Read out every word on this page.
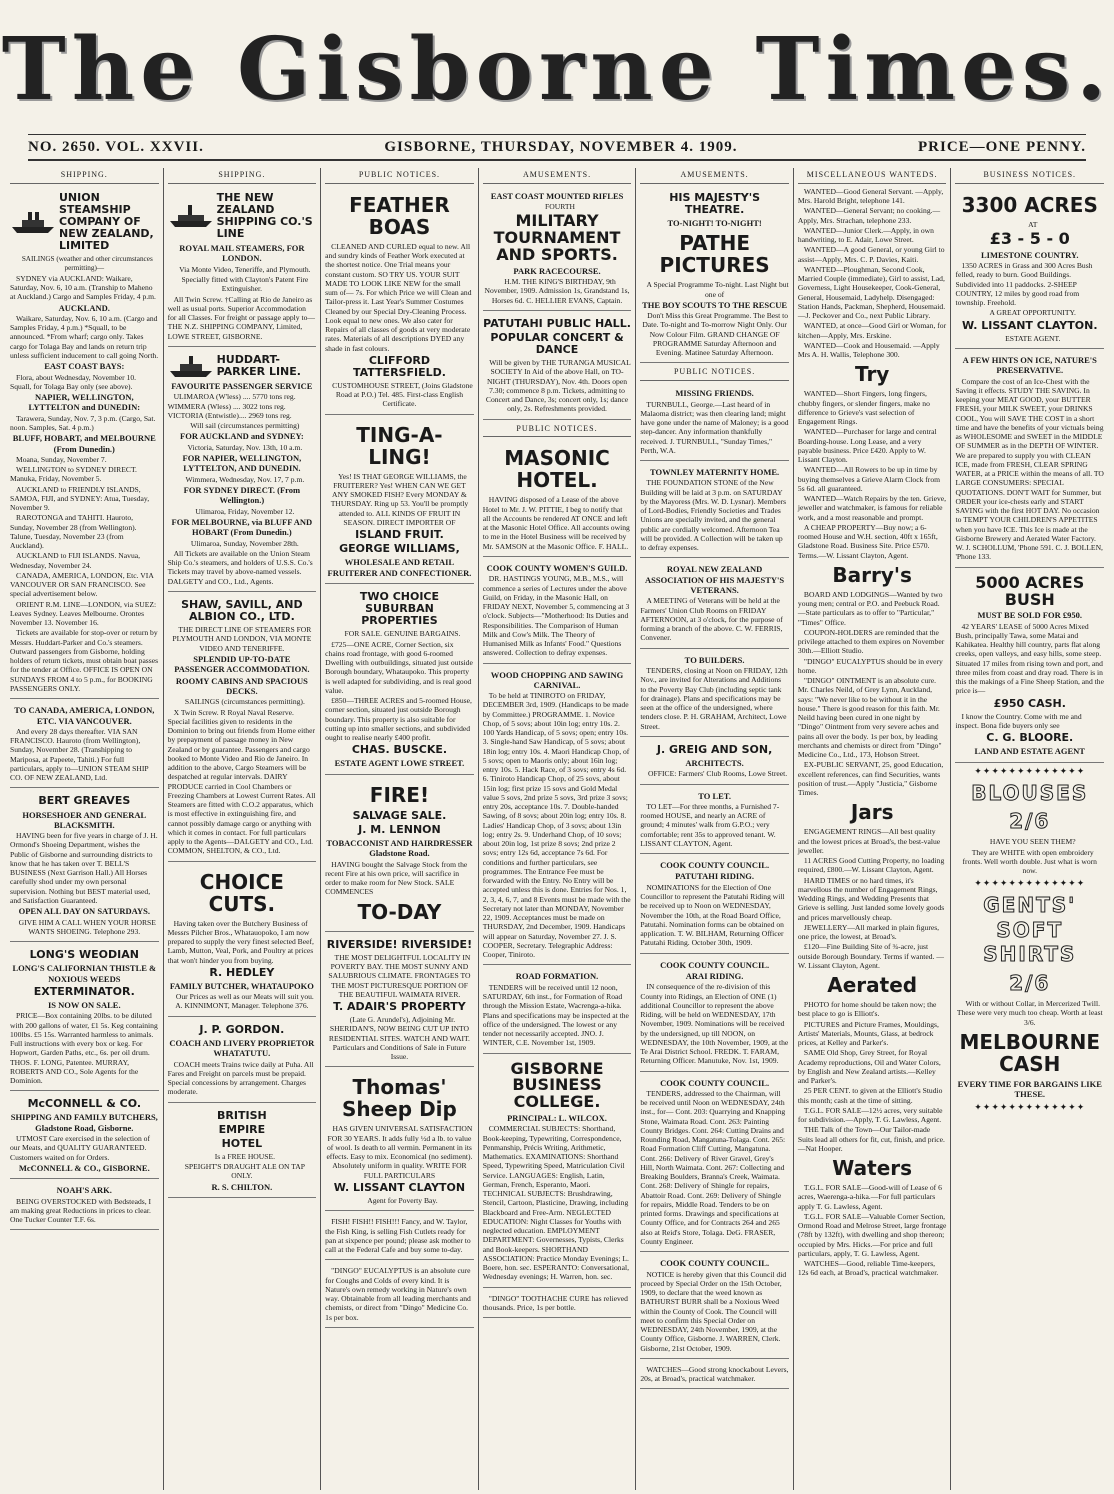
The Gisborne Times.
NO. 2650. VOL. XXVII.	GISBORNE, THURSDAY, NOVEMBER 4. 1909.	PRICE—ONE PENNY.
SHIPPING.
UNION STEAMSHIP COMPANY OF NEW ZEALAND, LIMITED

SAILINGS (weather and other circumstances permitting)—

SYDNEY via AUCKLAND: Waikare, Saturday, Nov. 6, 10 a.m. (Tranship to Maheno at Auckland.) Cargo and Samples Friday, 4 p.m.

AUCKLAND.

Waikare, Saturday, Nov. 6, 10 a.m. (Cargo and Samples Friday, 4 p.m.) *Squall, to be announced. *From wharf; cargo only. Takes cargo for Tolaga Bay and lands on return trip unless sufficient inducement to call going North.

EAST COAST BAYS:

Flora, about Wednesday, November 10. Squall, for Tolaga Bay only (see above).

NAPIER, WELLINGTON, LYTTELTON and DUNEDIN:

Tarawera, Sunday, Nov. 7, 3 p.m. (Cargo, Sat. noon. Samples, Sat. 4 p.m.)

BLUFF, HOBART, and MELBOURNE (From Dunedin.)

Moana, Sunday, November 7.

WELLINGTON to SYDNEY DIRECT. Manuka, Friday, November 5.

AUCKLAND to FRIENDLY ISLANDS, SAMOA, FIJI, and SYDNEY: Atua, Tuesday, November 9.

RAROTONGA and TAHITI. Hauroto, Sunday, November 28 (from Wellington). Talune, Tuesday, November 23 (from Auckland).

AUCKLAND to FIJI ISLANDS. Navua, Wednesday, November 24.

CANADA, AMERICA, LONDON, Etc. VIA VANCOUVER OR SAN FRANCISCO. See special advertisement below.

ORIENT R.M. LINE—LONDON, via SUEZ: Leaves Sydney. Leaves Melbourne. Orontes November 13. November 16.

Tickets are available for stop-over or return by Messrs. Huddart-Parker and Co.'s steamers. Outward passengers from Gisborne, holding holders of return tickets, must obtain boat passes for the tender at Office. OFFICE IS OPEN ON SUNDAYS FROM 4 to 5 p.m., for BOOKING PASSENGERS ONLY.

TO CANADA, AMERICA, LONDON, ETC. VIA VANCOUVER.

And every 28 days thereafter. VIA SAN FRANCISCO. Hauroto (from Wellington), Sunday, November 28. (Transhipping to Mariposa, at Papeete, Tahiti.) For full particulars, apply to—UNION STEAM SHIP CO. OF NEW ZEALAND, Ltd.

BERT GREAVES
HORSESHOER AND GENERAL BLACKSMITH.

HAVING been for five years in charge of J. H. Ormond's Shoeing Department, wishes the Public of Gisborne and surrounding districts to know that he has taken over T. BELL'S BUSINESS (Next Garrison Hall.) All Horses carefully shod under my own personal supervision. Nothing but BEST material used, and Satisfaction Guaranteed.

OPEN ALL DAY ON SATURDAYS.

GIVE HIM A CALL WHEN YOUR HORSE WANTS SHOEING. Telephone 293.

LONG'S WEODIAN
LONG'S CALIFORNIAN THISTLE & NOXIOUS WEEDS
EXTERMINATOR.
IS NOW ON SALE.

PRICE—Box containing 20lbs. to be diluted with 200 gallons of water, £1 5s. Keg containing 100lbs. £5 15s. Warranted harmless to animals. Full instructions with every box or keg. For Hopwort, Garden Paths, etc., 6s. per oil drum. THOS. F. LONG, Patentee. MURRAY, ROBERTS AND CO., Sole Agents for the Dominion.

McCONNELL & CO.
SHIPPING AND FAMILY BUTCHERS, Gladstone Road, Gisborne.

UTMOST Care exercised in the selection of our Meats, and QUALITY GUARANTEED. Customers waited on for Orders.

McCONNELL & CO., GISBORNE.
NOAH'S ARK.

BEING OVERSTOCKED with Bedsteads, I am making great Reductions in prices to clear. One Tucker Counter T.F. 6s.

SHIPPING.
THE NEW ZEALAND SHIPPING CO.'S LINE
ROYAL MAIL STEAMERS, FOR LONDON.

Via Monte Video, Teneriffe, and Plymouth.

Specially fitted with Clayton's Patent Fire Extinguisher.

All Twin Screw. †Calling at Rio de Janeiro as well as usual ports. Superior Accommodation for all Classes. For freight or passage apply to—THE N.Z. SHIPPING COMPANY, Limited, LOWE STREET, GISBORNE.

HUDDART-PARKER LINE.
FAVOURITE PASSENGER SERVICE

ULIMAROA (W'less) .... 5770 tons reg. WIMMERA (Wless) .... 3022 tons reg. VICTORIA (Entwistle).... 2969 tons reg.

Will sail (circumstances permitting)

FOR AUCKLAND and SYDNEY:

Victoria, Saturday, Nov. 13th, 10 a.m.

FOR NAPIER, WELLINGTON, LYTTELTON, AND DUNEDIN.

Wimmera, Wednesday, Nov. 17, 7 p.m.

FOR SYDNEY DIRECT. (From Wellington.)

Ulimaroa, Friday, November 12.

FOR MELBOURNE, via BLUFF AND HOBART (From Dunedin.)

Ulimaroa, Sunday, November 28th.

All Tickets are available on the Union Steam Ship Co.'s steamers, and holders of U.S.S. Co.'s Tickets may travel by above-named vessels. DALGETY and CO., Ltd., Agents.

SHAW, SAVILL, AND ALBION CO., LTD.

THE DIRECT LINE OF STEAMERS FOR PLYMOUTH AND LONDON, VIA MONTE VIDEO AND TENERIFFE.

SPLENDID UP-TO-DATE PASSENGER ACCOMMODATION.
ROOMY CABINS AND SPACIOUS DECKS.

SAILINGS (circumstances permitting).

X Twin Screw. R Royal Naval Reserve. Special facilities given to residents in the Dominion to bring out friends from Home either by prepayment of passage money in New Zealand or by guarantee. Passengers and cargo booked to Monte Video and Rio de Janeiro. In addition to the above, Cargo Steamers will be despatched at regular intervals. DAIRY PRODUCE carried in Cool Chambers or Freezing Chambers at Lowest Current Rates. All Steamers are fitted with C.O.2 apparatus, which is most effective in extinguishing fire, and cannot possibly damage cargo or anything with which it comes in contact. For full particulars apply to the Agents—DALGETY and CO., Ltd. COMMON, SHELTON, & CO., Ltd.

CHOICE CUTS.

Having taken over the Butchery Business of Messrs Pilcher Bros., Whatauopoko, I am now prepared to supply the very finest selected Beef, Lamb, Mutton, Veal, Pork, and Poultry at prices that won't hinder you from buying.

R. HEDLEY
FAMILY BUTCHER, WHATAUPOKO

Our Prices as well as our Meats will suit you. A. KINNIMONT, Manager. Telephone 376.

J. P. GORDON.
COACH AND LIVERY PROPRIETOR WHATATUTU.

COACH meets Trains twice daily at Puha. All Fares and Freight on parcels must be prepaid. Special concessions by arrangement. Charges moderate.

BRITISH
EMPIRE
HOTEL

Is a FREE HOUSE.

SPEIGHT'S DRAUGHT ALE ON TAP ONLY.

R. S. CHILTON.
PUBLIC NOTICES.
FEATHER BOAS

CLEANED AND CURLED equal to new. All and sundry kinds of Feather Work executed at the shortest notice. One Trial means your constant custom. SO TRY US. YOUR SUIT MADE TO LOOK LIKE NEW for the small sum of— 7s. For which Price we will Clean and Tailor-press it. Last Year's Summer Costumes Cleaned by our Special Dry-Cleaning Process. Look equal to new ones. We also cater for Repairs of all classes of goods at very moderate rates. Materials of all descriptions DYED any shade in fast colours.

CLIFFORD TATTERSFIELD.

CUSTOMHOUSE STREET, (Joins Gladstone Road at P.O.) Tel. 485. First-class English Certificate.

TING-A-LING!

Yes! IS THAT GEORGE WILLIAMS, the FRUITERER? Yes! WHEN CAN WE GET ANY SMOKED FISH? Every MONDAY & THURSDAY. Ring up 53. You'll be promptly attended to. ALL KINDS OF FRUIT IN SEASON. DIRECT IMPORTER OF

ISLAND FRUIT.
GEORGE WILLIAMS,
WHOLESALE AND RETAIL FRUITERER AND CONFECTIONER.
TWO CHOICE SUBURBAN PROPERTIES

FOR SALE. GENUINE BARGAINS.

£725—ONE ACRE, Corner Section, six chains road frontage, with good 6-roomed Dwelling with outbuildings, situated just outside Borough boundary, Whataupoko. This property is well adapted for subdividing, and is real good value.

£850—THREE ACRES and 5-roomed House, corner section, situated just outside Borough boundary. This property is also suitable for cutting up into smaller sections, and subdivided ought to realise nearly £400 profit.

CHAS. BUSCKE.
ESTATE AGENT LOWE STREET.
FIRE!
SALVAGE SALE.
J. M. LENNON
TOBACCONIST AND HAIRDRESSER Gladstone Road.

HAVING bought the Salvage Stock from the recent Fire at his own price, will sacrifice in order to make room for New Stock. SALE COMMENCES

TO-DAY
RIVERSIDE! RIVERSIDE!

THE MOST DELIGHTFUL LOCALITY IN POVERTY BAY. THE MOST SUNNY AND SALUBRIOUS CLIMATE. FRONTAGES TO THE MOST PICTURESQUE PORTION OF THE BEAUTIFUL WAIMATA RIVER.

T. ADAIR'S PROPERTY

(Late G. Arundel's), Adjoining Mr. SHERIDAN'S, NOW BEING CUT UP INTO RESIDENTIAL SITES. WATCH AND WAIT. Particulars and Conditions of Sale in Future Issue.

Thomas' Sheep Dip

HAS GIVEN UNIVERSAL SATISFACTION FOR 30 YEARS. It adds fully ½d a lb. to value of wool. Is death to all vermin. Permanent in its effects. Easy to mix. Economical (no sediment). Absolutely uniform in quality. WRITE FOR FULL PARTICULARS

W. LISSANT CLAYTON

Agent for Poverty Bay.

FISH! FISH!! FISH!!! Fancy, and W. Taylor, the Fish King, is selling Fish Cutlets ready for pan at sixpence per pound; please ask mother to call at the Federal Cafe and buy some to-day.

"DINGO" EUCALYPTUS is an absolute cure for Coughs and Colds of every kind. It is Nature's own remedy working in Nature's own way. Obtainable from all leading merchants and chemists, or direct from "Dingo" Medicine Co. 1s per box.

AMUSEMENTS.
EAST COAST MOUNTED RIFLES

FOURTH

MILITARY TOURNAMENT AND SPORTS.
PARK RACECOURSE.

H.M. THE KING'S BIRTHDAY, 9th November, 1909. Admission 1s, Grandstand 1s, Horses 6d. C. HELLIER EVANS, Captain.

PATUTAHI PUBLIC HALL.
POPULAR CONCERT & DANCE

Will be given by THE TURANGA MUSICAL SOCIETY In Aid of the above Hall, on TO-NIGHT (THURSDAY), Nov. 4th. Doors open 7.30; commence 8 p.m. Tickets, admitting to Concert and Dance, 3s; concert only, 1s; dance only, 2s. Refreshments provided.

PUBLIC NOTICES.
MASONIC HOTEL.

HAVING disposed of a Lease of the above Hotel to Mr. J. W. PITTIE, I beg to notify that all the Accounts be rendered AT ONCE and left at the Masonic Hotel Office. All accounts owing to me in the Hotel Business will be received by Mr. SAMSON at the Masonic Office. F. HALL.

COOK COUNTY WOMEN'S GUILD.

DR. HASTINGS YOUNG, M.B., M.S., will commence a series of Lectures under the above Guild, on Friday, in the Masonic Hall, on FRIDAY NEXT, November 5, commencing at 3 o'clock. Subjects—"Motherhood: Its Duties and Responsibilities. The Comparison of Human Milk and Cow's Milk. The Theory of Humanised Milk as Infants' Food." Questions answered. Collection to defray expenses.

WOOD CHOPPING AND SAWING CARNIVAL.

To be held at TINIROTO on FRIDAY, DECEMBER 3rd, 1909. (Handicaps to be made by Committee.) PROGRAMME. 1. Novice Chop, of 5 sovs; about 10in log; entry 10s. 2. 100 Yards Handicap, of 5 sovs; open; entry 10s. 3. Single-hand Saw Handicap, of 5 sovs; about 18in log; entry 10s. 4. Maori Handicap Chop, of 5 sovs; open to Maoris only; about 16in log; entry 10s. 5. Hack Race, of 3 sovs; entry 4s 6d. 6. Tiniroto Handicap Chop, of 25 sovs, about 15in log; first prize 15 sovs and Gold Medal value 5 sovs, 2nd prize 5 sovs, 3rd prize 3 sovs; entry 20s, acceptance 10s. 7. Double-handed Sawing, of 8 sovs; about 20in log; entry 10s. 8. Ladies' Handicap Chop, of 3 sovs; about 13in log; entry 2s. 9. Underhand Chop, of 10 sovs; about 20in log, 1st prize 8 sovs; 2nd prize 2 sovs; entry 12s 6d, acceptance 7s 6d. For conditions and further particulars, see programmes. The Entrance Fee must be forwarded with the Entry. No Entry will be accepted unless this is done. Entries for Nos. 1, 2, 3, 4, 6, 7, and 8 Events must be made with the Secretary not later than MONDAY, November 22, 1909. Acceptances must be made on THURSDAY, 2nd December, 1909. Handicaps will appear on Saturday, November 27. J. S. COOPER, Secretary. Telegraphic Address: Cooper, Tiniroto.

ROAD FORMATION.

TENDERS will be received until 12 noon, SATURDAY, 6th inst., for Formation of Road through the Mission Estate, Wacrenga-a-hika. Plans and specifications may be inspected at the office of the undersigned. The lowest or any tender not necessarily accepted. JNO. J. WINTER, C.E. November 1st, 1909.

GISBORNE BUSINESS COLLEGE.
PRINCIPAL: L. WILCOX.

COMMERCIAL SUBJECTS: Shorthand, Book-keeping, Typewriting, Correspondence, Penmanship, Précis Writing, Arithmetic, Mathematics. EXAMINATIONS: Shorthand Speed, Typewriting Speed, Matriculation Civil Service. LANGUAGES: English, Latin, German, French, Esperanto, Maori. TECHNICAL SUBJECTS: Brushdrawing, Stencil, Cartoon, Plasticine, Drawing, including Blackboard and Free-Arm. NEGLECTED EDUCATION: Night Classes for Youths with neglected education. EMPLOYMENT DEPARTMENT: Governesses, Typists, Clerks and Book-keepers. SHORTHAND ASSOCIATION: Practice Monday Evenings; L. Boere, hon. sec. ESPERANTO: Conversational, Wednesday evenings; H. Warren, hon. sec.

"DINGO" TOOTHACHE CURE has relieved thousands. Price, 1s per bottle.

AMUSEMENTS.
HIS MAJESTY'S THEATRE.
TO-NIGHT! TO-NIGHT!
PATHE PICTURES

A Special Programme To-night. Last Night but one of

THE BOY SCOUTS TO THE RESCUE

Don't Miss this Great Programme. The Best to Date. To-night and To-morrow Night Only. Our Now Colour Film. GRAND CHANGE OF PROGRAMME Saturday Afternoon and Evening. Matinee Saturday Afternoon.

PUBLIC NOTICES.
MISSING FRIENDS.

TURNBULL, George.—Last heard of in Malaoma district; was then clearing land; might have gone under the name of Maloney; is a good step-dancer. Any information thankfully received. J. TURNBULL, "Sunday Times," Perth, W.A.

TOWNLEY MATERNITY HOME.

THE FOUNDATION STONE of the New Building will be laid at 3 p.m. on SATURDAY by the Mayoress (Mrs. W. D. Lysnar). Members of Lord-Bodies, Friendly Societies and Trades Unions are specially invited, and the general public are cordially welcomed. Afternoon Tea will be provided. A Collection will be taken up to defray expenses.

ROYAL NEW ZEALAND ASSOCIATION OF HIS MAJESTY'S VETERANS.

A MEETING of Veterans will be held at the Farmers' Union Club Rooms on FRIDAY AFTERNOON, at 3 o'clock, for the purpose of forming a branch of the above. C. W. FERRIS, Convener.

TO BUILDERS.

TENDERS, closing at Noon on FRIDAY, 12th Nov., are invited for Alterations and Additions to the Poverty Bay Club (including septic tank for drainage). Plans and specifications may be seen at the office of the undersigned, where tenders close. P. H. GRAHAM, Architect, Lowe Street.

J. GREIG AND SON,
ARCHITECTS.

OFFICE: Farmers' Club Rooms, Lowe Street.

TO LET.

TO LET—For three months, a Furnished 7-roomed HOUSE, and nearly an ACRE of ground; 4 minutes' walk from G.P.O.; very comfortable; rent 35s to approved tenant. W. LISSANT CLAYTON, Agent.

COOK COUNTY COUNCIL.
PATUTAHI RIDING.

NOMINATIONS for the Election of One Councillor to represent the Patutahi Riding will be received up to Noon on WEDNESDAY, November the 10th, at the Road Board Office, Patutahi. Nomination forms can be obtained on application. T. W. BILHAM, Returning Officer Patutahi Riding. October 30th, 1909.

COOK COUNTY COUNCIL.
ARAI RIDING.

IN consequence of the re-division of this County into Ridings, an Election of ONE (1) additional Councillor to represent the above Riding, will be held on WEDNESDAY, 17th November, 1909. Nominations will be received by the undersigned, up till NOON, on WEDNESDAY, the 10th November, 1909, at the Te Arai District School. FREDK. T. FARAM, Returning Officer. Manutuke, Nov. 1st, 1909.

COOK COUNTY COUNCIL.

TENDERS, addressed to the Chairman, will be received until Noon on WEDNESDAY, 24th inst., for— Cont. 203: Quarrying and Knapping Stone, Waimata Road. Cont. 263: Painting County Bridges. Cont. 264: Cutting Drains and Rounding Road, Mangatuna-Tolaga. Cont. 265: Road Formation Cliff Cutting, Mangatuna. Cont. 266: Delivery of River Gravel, Grey's Hill, North Waimata. Cont. 267: Collecting and Breaking Boulders, Branna's Creek, Waimata. Cont. 268: Delivery of Shingle for repairs, Abattoir Road. Cont. 269: Delivery of Shingle for repairs, Middle Road. Tenders to be on printed forms. Drawings and specifications at County Office, and for Contracts 264 and 265 also at Reid's Store, Tolaga. DeG. FRASER, County Engineer.

COOK COUNTY COUNCIL.

NOTICE is hereby given that this Council did proceed by Special Order on the 15th October, 1909, to declare that the weed known as BATHURST BURR shall be a Noxious Weed within the County of Cook. The Council will meet to confirm this Special Order on WEDNESDAY, 24th November, 1909, at the County Office, Gisborne. J. WARREN, Clerk. Gisborne, 21st October, 1909.

WATCHES—Good strong knockabout Levers, 20s, at Broad's, practical watchmaker.

MISCELLANEOUS WANTEDS.

WANTED—Good General Servant. —Apply, Mrs. Harold Bright, telephone 141.

WANTED—General Servant; no cooking.—Apply, Mrs. Strachan, telephone 233.

WANTED—Junior Clerk.—Apply, in own handwriting, to E. Adair, Lowe Street.

WANTED—A good General, or young Girl to assist—Apply, Mrs. C. P. Davies, Kaiti.

WANTED—Ploughman, Second Cook, Married Couple (immediate), Girl to assist, Lad, Governess, Light Housekeeper, Cook-General, General, Housemaid, Ladyhelp. Disengaged: Station Hands, Packman, Shepherd, Housemaid.—J. Peckover and Co., next Public Library.

WANTED, at once—Good Girl or Woman, for kitchen—Apply, Mrs. Erskine.

WANTED—Cook and Housemaid. —Apply Mrs A. H. Wallis, Telephone 300.

Try

WANTED—Short Fingers, long fingers, chubby fingers, or slender fingers, make no difference to Grieve's vast selection of Engagement Rings.

WANTED—Purchaser for large and central Boarding-house. Long Lease, and a very payable business. Price £420. Apply to W. Lissant Clayton.

WANTED—All Rowers to be up in time by buying themselves a Grieve Alarm Clock from 5s 6d. all guaranteed.

WANTED—Watch Repairs by the ten. Grieve, jeweller and watchmaker, is famous for reliable work, and a most reasonable and prompt.

A CHEAP PROPERTY—Buy now; a 6-roomed House and W.H. section, 40ft x 165ft, Gladstone Road. Business Site. Price £570. Terms.—W. Lissant Clayton, Agent.

Barry's

BOARD AND LODGINGS—Wanted by two young men; central or P.O. and Peebuck Road.—State particulars as to offer to "Particular," "Times" Office.

COUPON-HOLDERS are reminded that the privilege attached to them expires on November 30th.—Elliott Studio.

"DINGO" EUCALYPTUS should be in every home.

"DINGO" OINTMENT is an absolute cure. Mr. Charles Neild, of Grey Lynn, Auckland, says: "We never like to be without it in the house." There is good reason for this faith. Mr. Neild having been cured in one night by "Dingo" Ointment from very severe aches and pains all over the body. 1s per box, by leading merchants and chemists or direct from "Dingo" Medicine Co., Ltd., 173, Hobson Street.

EX-PUBLIC SERVANT, 25, good Education, excellent references, can find Securities, wants position of trust.—Apply "Justicia," Gisborne Times.

Jars

ENGAGEMENT RINGS—All best quality and the lowest prices at Broad's, the best-value jeweller.

11 ACRES Good Cutting Property, no loading required, £800.—W. Lissant Clayton, Agent.

HARD TIMES or no hard times, it's marvellous the number of Engagement Rings, Wedding Rings, and Wedding Presents that Grieve is selling. Just landed some lovely goods and prices marvellously cheap.

JEWELLERY—All marked in plain figures, one price, the lowest, at Broad's.

£120—Fine Building Site of ¾-acre, just outside Borough Boundary. Terms if wanted. —W. Lissant Clayton, Agent.

Aerated

PHOTO for home should be taken now; the best place to go is Elliott's.

PICTURES and Picture Frames, Mouldings, Artists' Materials, Mounts, Glass, at bedrock prices, at Kelley and Parker's.

SAME Old Shop, Grey Street, for Royal Academy reproductions, Oil and Water Colors, by English and New Zealand artists.—Kelley and Parker's.

25 PER CENT. to given at the Elliott's Studio this month; cash at the time of sitting.

T.G.L. FOR SALE—12½ acres, very suitable for subdivision.—Apply, T. G. Lawless, Agent.

THE Talk of the Town—Our Tailor-made Suits lead all others for fit, cut, finish, and price.—Nat Hooper.

Waters

T.G.L. FOR SALE—Good-will of Lease of 6 acres, Waerenga-a-hika.—For full particulars apply T. G. Lawless, Agent.

T.G.L. FOR SALE—Valuable Corner Section, Ormond Road and Melrose Street, large frontage (78ft by 132ft), with dwelling and shop thereon; occupied by Mrs. Hicks.—For price and full particulars, apply, T. G. Lawless, Agent.

WATCHES—Good, reliable Time-keepers, 12s 6d each, at Broad's, practical watchmaker.

BUSINESS NOTICES.
3300 ACRES

AT

£3 - 5 - 0
LIMESTONE COUNTRY.

1350 ACRES in Grass and 300 Acres Bush felled, ready to burn. Good Buildings. Subdivided into 11 paddocks. 2-SHEEP COUNTRY, 12 miles by good road from township. Freehold.

A GREAT OPPORTUNITY.

W. LISSANT CLAYTON.

ESTATE AGENT.

A FEW HINTS ON ICE, NATURE'S PRESERVATIVE.

Compare the cost of an Ice-Chest with the Saving it effects. STUDY THE SAVING. In keeping your MEAT GOOD, your BUTTER FRESH, your MILK SWEET, your DRINKS COOL, You will SAVE THE COST in a short time and have the benefits of your victuals being as WHOLESOME and SWEET in the MIDDLE OF SUMMER as in the DEPTH OF WINTER. We are prepared to supply you with CLEAN ICE, made from FRESH, CLEAR SPRING WATER, at a PRICE within the means of all. TO LARGE CONSUMERS: SPECIAL QUOTATIONS. DON'T WAIT for Summer, but ORDER your ice-chests early and START SAVING with the first HOT DAY. No occasion to TEMPT YOUR CHILDREN'S APPETITES when you have ICE. This Ice is made at the Gisborne Brewery and Aerated Water Factory. W. J. SCHOLLUM, 'Phone 591. C. J. BOLLEN, 'Phone 133.

5000 ACRES BUSH
MUST BE SOLD FOR £950.

42 YEARS' LEASE of 5000 Acres Mixed Bush, principally Tawa, some Matai and Kahikatea. Healthy hill country, parts flat along creeks, open valleys, and easy hills, some steep. Situated 17 miles from rising town and port, and three miles from coast and dray road. There is in this the makings of a Fine Sheep Station, and the price is—

£950 CASH.

I know the Country. Come with me and inspect. Bona fide buyers only see

C. G. BLOORE.
LAND AND ESTATE AGENT
✦✦✦✦✦✦✦✦✦✦✦✦✦
BLOUSES
2/6

HAVE YOU SEEN THEM?

They are WHITE with open embroidery fronts. Well worth double. Just what is worn now.

✦✦✦✦✦✦✦✦✦✦✦✦✦
GENTS' SOFT SHIRTS
2/6

With or without Collar, in Mercerized Twill. These were very much too cheap. Worth at least 3/6.

MELBOURNE CASH
EVERY TIME FOR BARGAINS LIKE THESE.
✦✦✦✦✦✦✦✦✦✦✦✦✦
